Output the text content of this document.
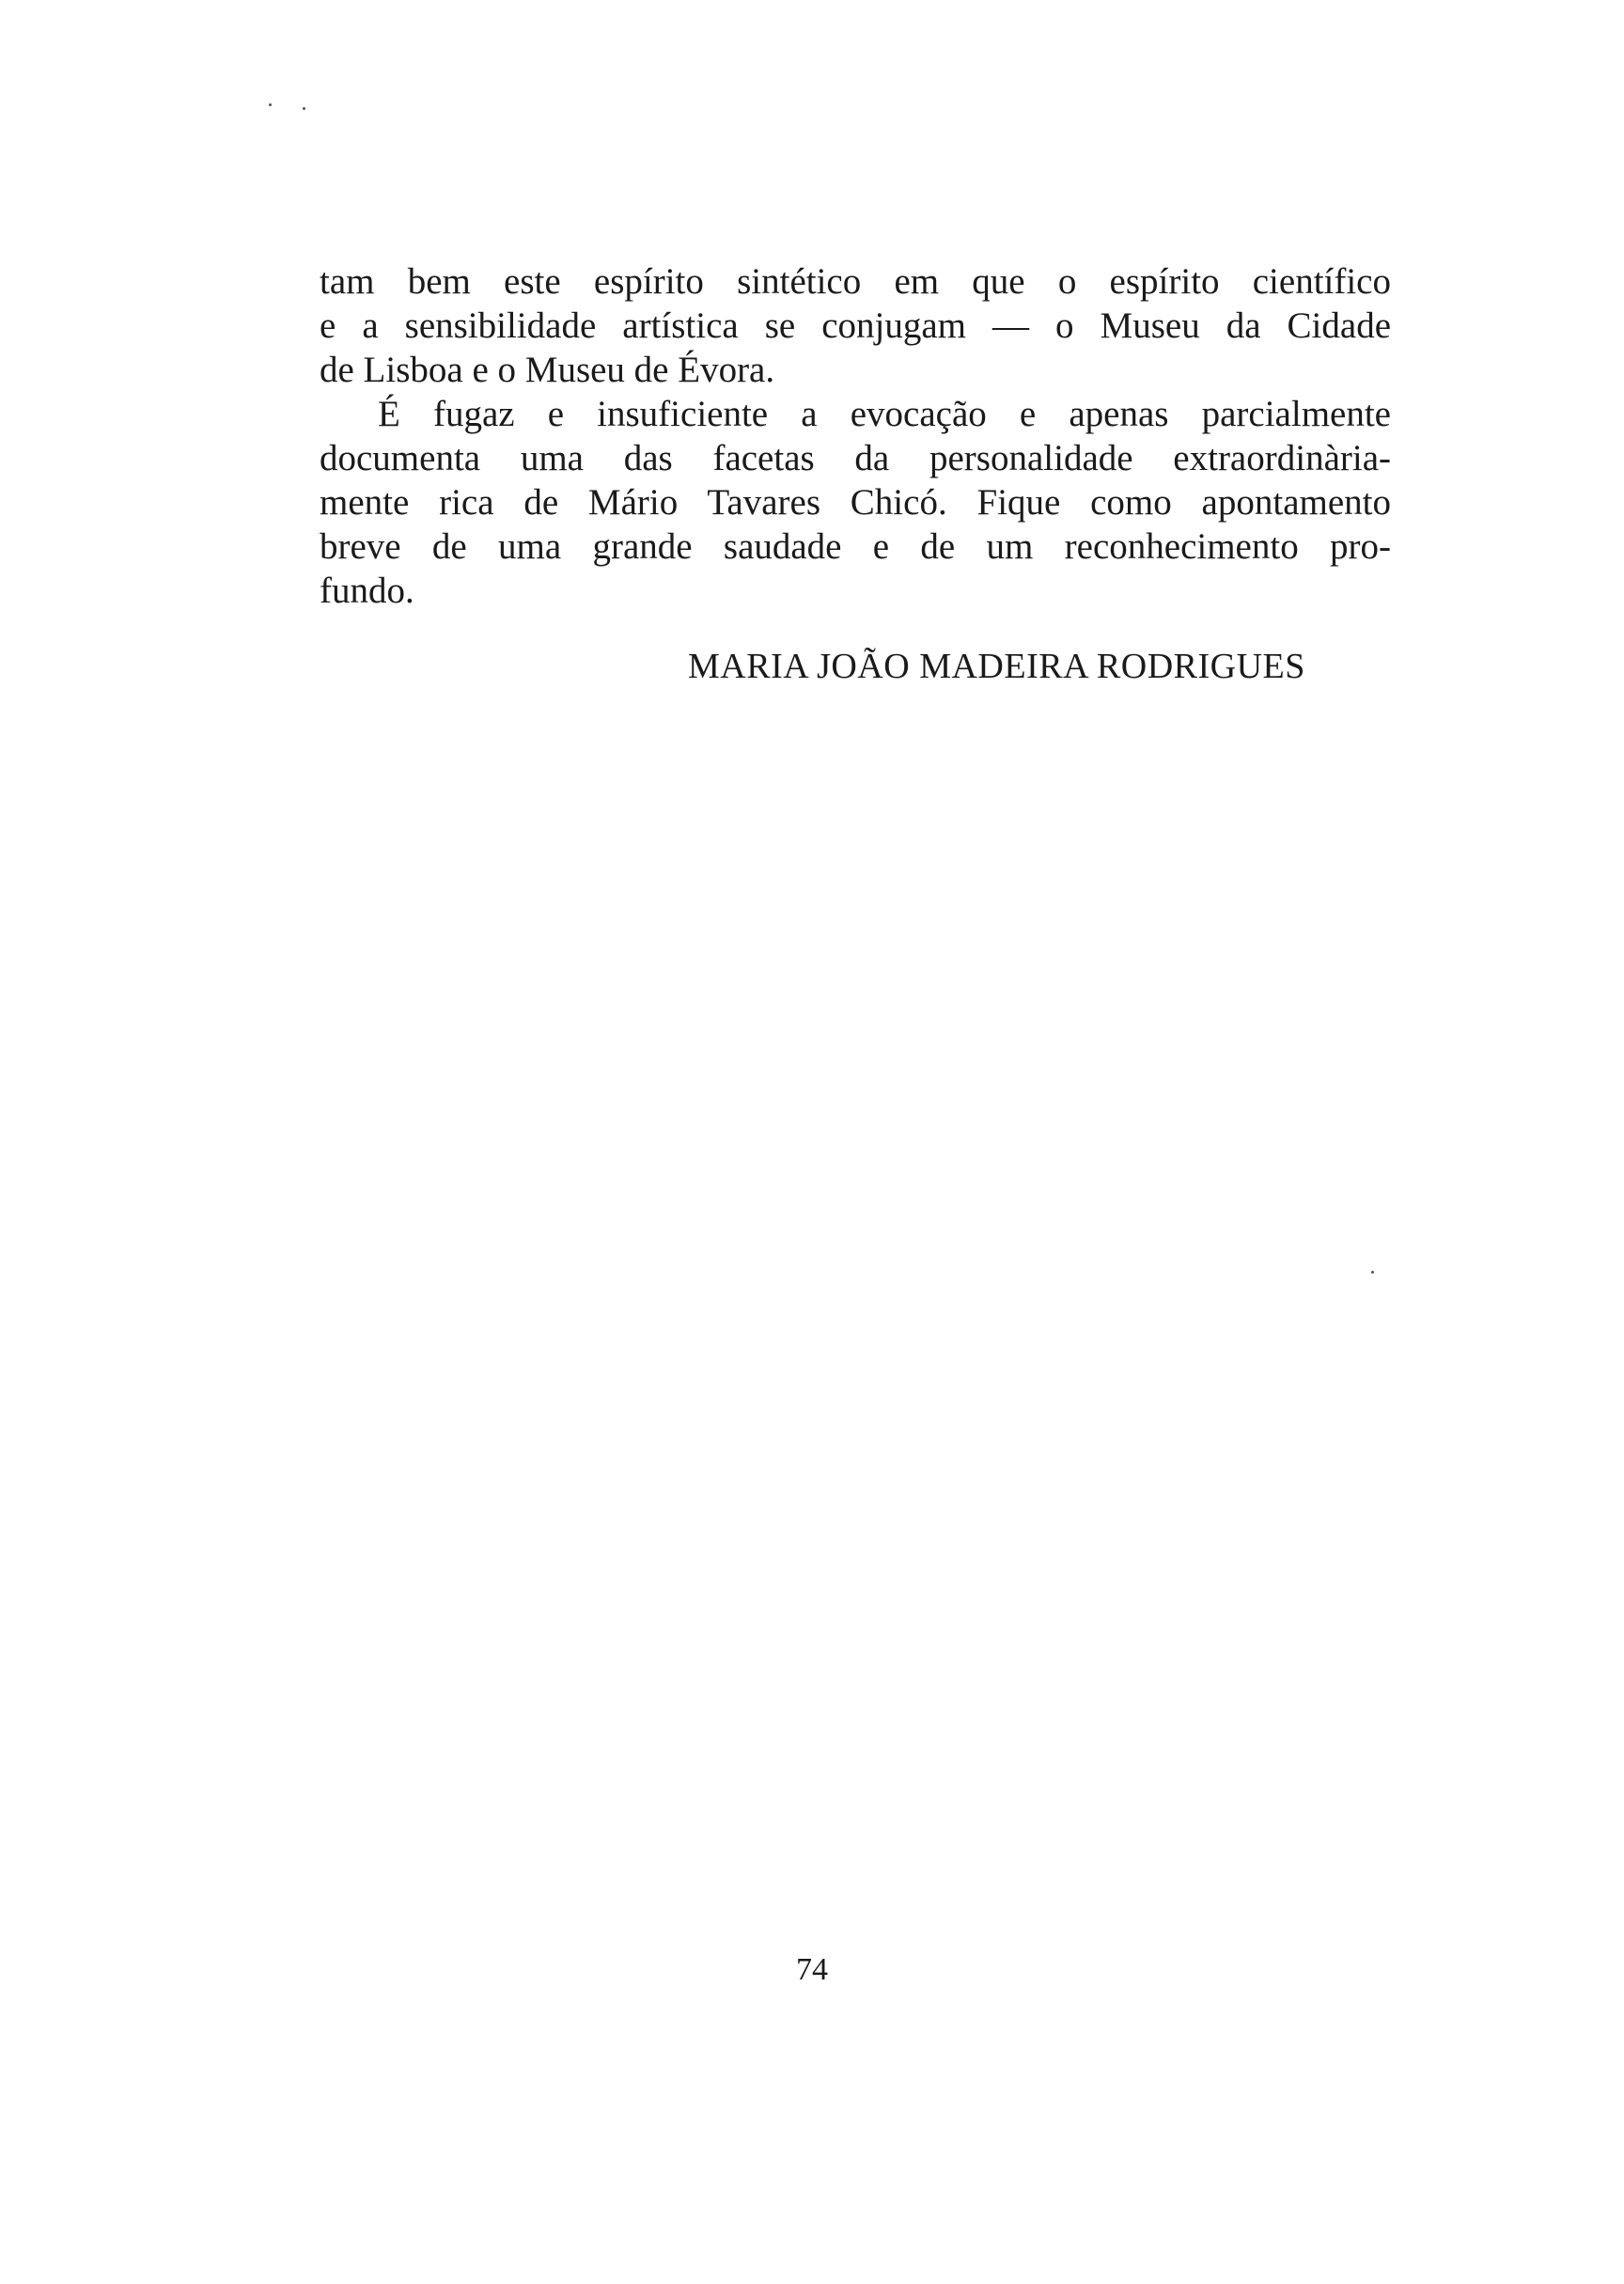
tam bem este espírito sintético em que o espírito científico
e a sensibilidade artística se conjugam — o Museu da Cidade
de Lisboa e o Museu de Évora.
É fugaz e insuficiente a evocação e apenas parcialmente
documenta uma das facetas da personalidade extraordinària-
mente rica de Mário Tavares Chicó. Fique como apontamento
breve de uma grande saudade e de um reconhecimento pro-
fundo.
MARIA JOÃO MADEIRA RODRIGUES
74
